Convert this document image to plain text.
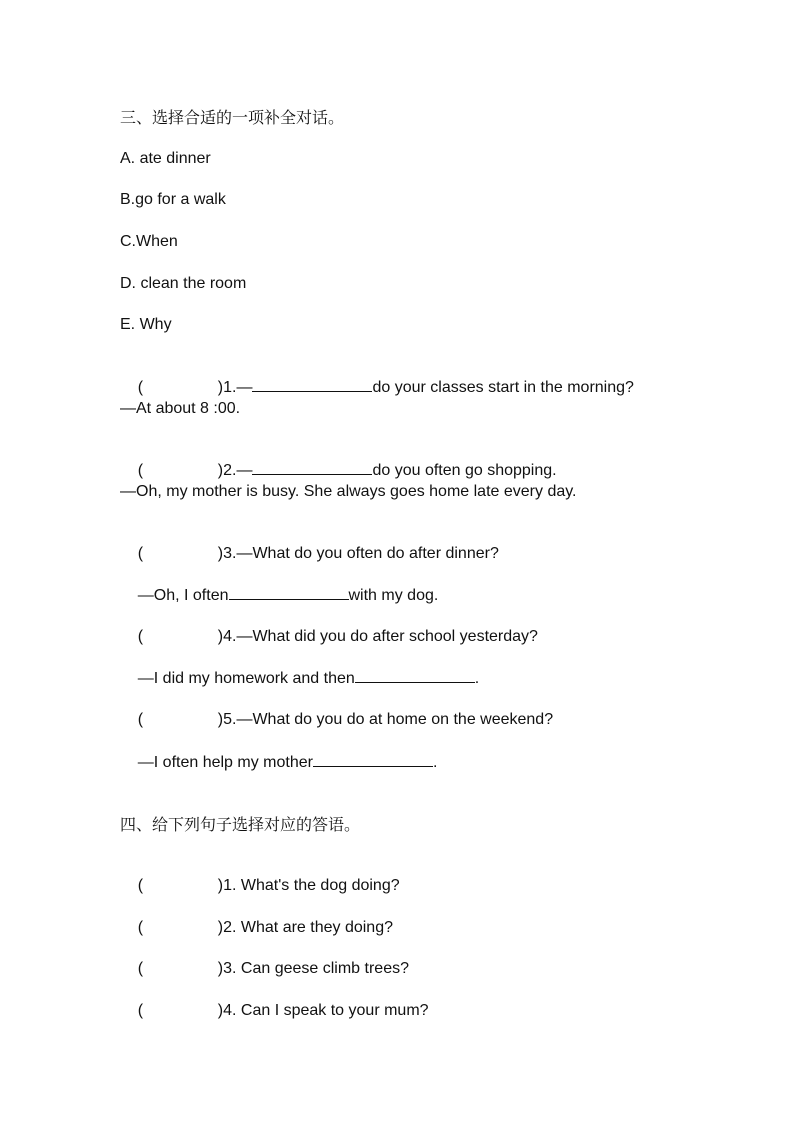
三、选择合适的一项补全对话。
A. ate dinner
B.go for a walk
C.When
D. clean the room
E. Why

(	)1.—	do your classes start in the morning?

—At about 8 :00.

(	)2.—	do you often go shopping.

—Oh, my mother is busy. She always goes home late every day.

(	)3.—What do you often do after dinner?

—Oh, I often	with my dog.

(	)4.—What did you do after school yesterday?

—I did my homework and then	.

(	)5.—What do you do at home on the weekend?

—I often help my mother	.

四、给下列句子选择对应的答语。

(	)1. What's the dog doing?

(	)2. What are they doing?

(	)3. Can geese climb trees?

(	)4. Can I speak to your mum?
